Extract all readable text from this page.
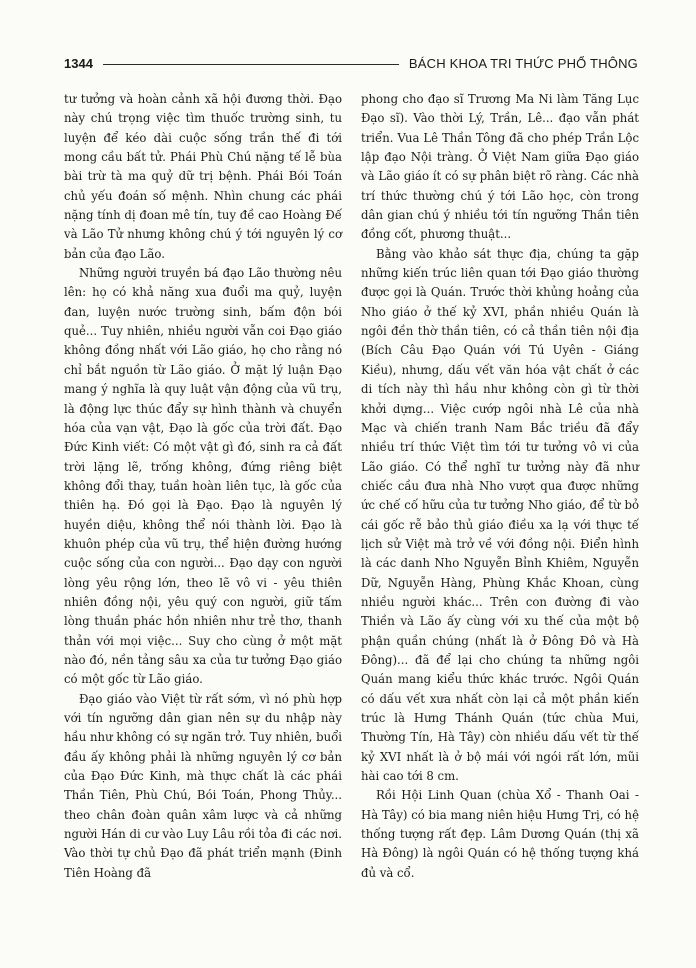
1344	BÁCH KHOA TRI THỨC PHỔ THÔNG

tư tưởng và hoàn cảnh xã hội đương thời. Đạo này chú trọng việc tìm thuốc trường sinh, tu luyện để kéo dài cuộc sống trần thế đi tới mong cầu bất tử. Phái Phù Chú nặng tế lễ bùa bài trừ tà ma quỷ dữ trị bệnh. Phái Bói Toán chủ yếu đoán số mệnh. Nhìn chung các phái nặng tính dị đoan mê tín, tuy đề cao Hoàng Đế và Lão Tử nhưng không chú ý tới nguyên lý cơ bản của đạo Lão.

Những người truyền bá đạo Lão thường nêu lên: họ có khả năng xua đuổi ma quỷ, luyện đan, luyện nước trường sinh, bấm độn bói quẻ... Tuy nhiên, nhiều người vẫn coi Đạo giáo không đồng nhất với Lão giáo, họ cho rằng nó chỉ bắt nguồn từ Lão giáo. Ở mặt lý luận Đạo mang ý nghĩa là quy luật vận động của vũ trụ, là động lực thúc đẩy sự hình thành và chuyển hóa của vạn vật, Đạo là gốc của trời đất. Đạo Đức Kinh viết: Có một vật gì đó, sinh ra cả đất trời lặng lẽ, trống không, đứng riêng biệt không đổi thay, tuần hoàn liên tục, là gốc của thiên hạ. Đó gọi là Đạo. Đạo là nguyên lý huyền diệu, không thể nói thành lời. Đạo là khuôn phép của vũ trụ, thể hiện đường hướng cuộc sống của con người... Đạo dạy con người lòng yêu rộng lớn, theo lẽ vô vi - yêu thiên nhiên đồng nội, yêu quý con người, giữ tấm lòng thuần phác hồn nhiên như trẻ thơ, thanh thản với mọi việc... Suy cho cùng ở một mặt nào đó, nền tảng sâu xa của tư tưởng Đạo giáo có một gốc từ Lão giáo.

Đạo giáo vào Việt từ rất sớm, vì nó phù hợp với tín ngưỡng dân gian nên sự du nhập này hầu như không có sự ngăn trở. Tuy nhiên, buổi đầu ấy không phải là những nguyên lý cơ bản của Đạo Đức Kinh, mà thực chất là các phái Thần Tiên, Phù Chú, Bói Toán, Phong Thủy... theo chân đoàn quân xâm lược và cả những người Hán di cư vào Luy Lâu rồi tỏa đi các nơi. Vào thời tự chủ Đạo đã phát triển mạnh (Đinh Tiên Hoàng đã

phong cho đạo sĩ Trương Ma Ni làm Tăng Lục Đạo sĩ). Vào thời Lý, Trần, Lê... đạo vẫn phát triển. Vua Lê Thần Tông đã cho phép Trần Lộc lập đạo Nội tràng. Ở Việt Nam giữa Đạo giáo và Lão giáo ít có sự phân biệt rõ ràng. Các nhà trí thức thường chú ý tới Lão học, còn trong dân gian chú ý nhiều tới tín ngưỡng Thần tiên đồng cốt, phương thuật...

Bằng vào khảo sát thực địa, chúng ta gặp những kiến trúc liên quan tới Đạo giáo thường được gọi là Quán. Trước thời khủng hoảng của Nho giáo ở thế kỷ XVI, phần nhiều Quán là ngôi đền thờ thần tiên, có cả thần tiên nội địa (Bích Câu Đạo Quán với Tú Uyên - Giáng Kiều), nhưng, dấu vết văn hóa vật chất ở các di tích này thì hầu như không còn gì từ thời khởi dựng... Việc cướp ngôi nhà Lê của nhà Mạc và chiến tranh Nam Bắc triều đã đẩy nhiều trí thức Việt tìm tới tư tưởng vô vi của Lão giáo. Có thể nghĩ tư tưởng này đã như chiếc cầu đưa nhà Nho vượt qua được những ức chế cố hữu của tư tưởng Nho giáo, để từ bỏ cái gốc rễ bảo thủ giáo điều xa lạ với thực tế lịch sử Việt mà trở về với đồng nội. Điển hình là các danh Nho Nguyễn Bỉnh Khiêm, Nguyễn Dữ, Nguyễn Hàng, Phùng Khắc Khoan, cùng nhiều người khác... Trên con đường đi vào Thiền và Lão ấy cùng với xu thế của một bộ phận quần chúng (nhất là ở Đông Đô và Hà Đông)... đã để lại cho chúng ta những ngôi Quán mang kiểu thức khác trước. Ngôi Quán có dấu vết xưa nhất còn lại cả một phần kiến trúc là Hưng Thánh Quán (tức chùa Mui, Thường Tín, Hà Tây) còn nhiều dấu vết từ thế kỷ XVI nhất là ở bộ mái với ngói rất lớn, mũi hài cao tới 8 cm.

Rồi Hội Linh Quan (chùa Xổ - Thanh Oai - Hà Tây) có bia mang niên hiệu Hưng Trị, có hệ thống tượng rất đẹp. Lâm Dương Quán (thị xã Hà Đông) là ngôi Quán có hệ thống tượng khá đủ và cổ.
